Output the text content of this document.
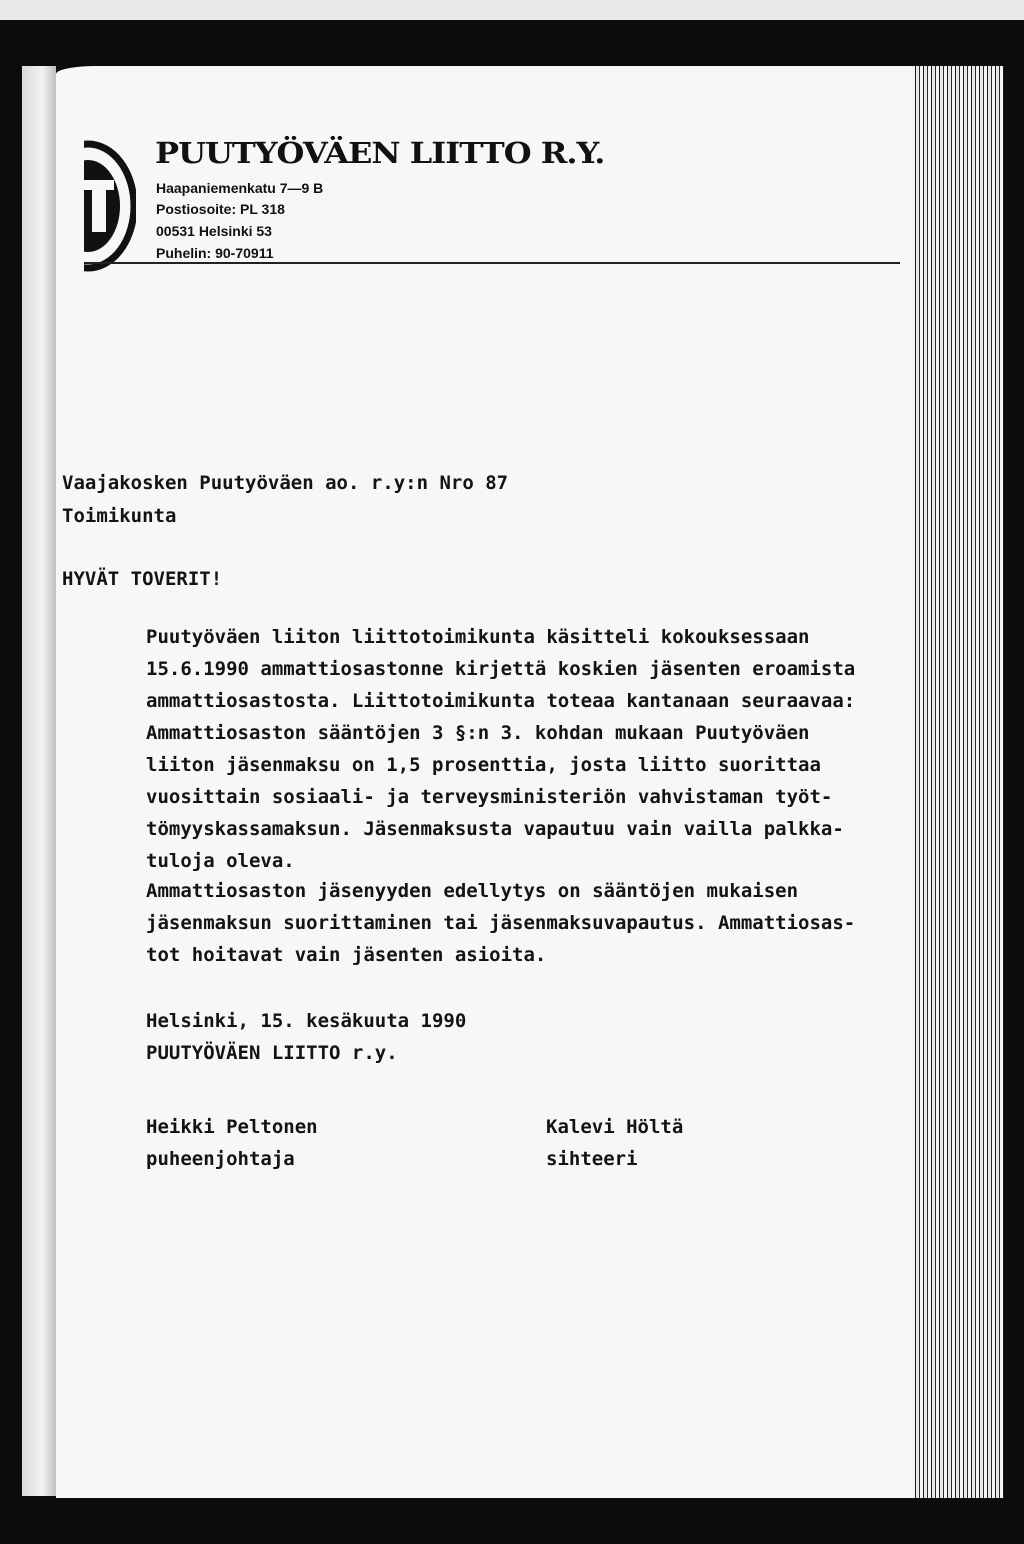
PUUTYÖVÄEN LIITTO R.Y.
Haapaniemenkatu 7—9 B
Postiosoite: PL 318
00531 Helsinki 53
Puhelin: 90-70911
Vaajakosken Puutyöväen ao. r.y:n Nro 87
Toimikunta
HYVÄT TOVERIT!
Puutyöväen liiton liittotoimikunta käsitteli kokouksessaan
15.6.1990 ammattiosastonne kirjettä koskien jäsenten eroamista
ammattiosastosta. Liittotoimikunta toteaa kantanaan seuraavaa:
Ammattiosaston sääntöjen 3 §:n 3. kohdan mukaan Puutyöväen
liiton jäsenmaksu on 1,5 prosenttia, josta liitto suorittaa
vuosittain sosiaali- ja terveysministeriön vahvistaman työt-
tömyyskassamaksun. Jäsenmaksusta vapautuu vain vailla palkka-
tuloja oleva.
Ammattiosaston jäsenyyden edellytys on sääntöjen mukaisen
jäsenmaksun suorittaminen tai jäsenmaksuvapautus. Ammattiosas-
tot hoitavat vain jäsenten asioita.
Helsinki, 15. kesäkuuta 1990
PUUTYÖVÄEN LIITTO r.y.
Heikki Peltonen
puheenjohtaja
Kalevi Höltä
sihteeri
